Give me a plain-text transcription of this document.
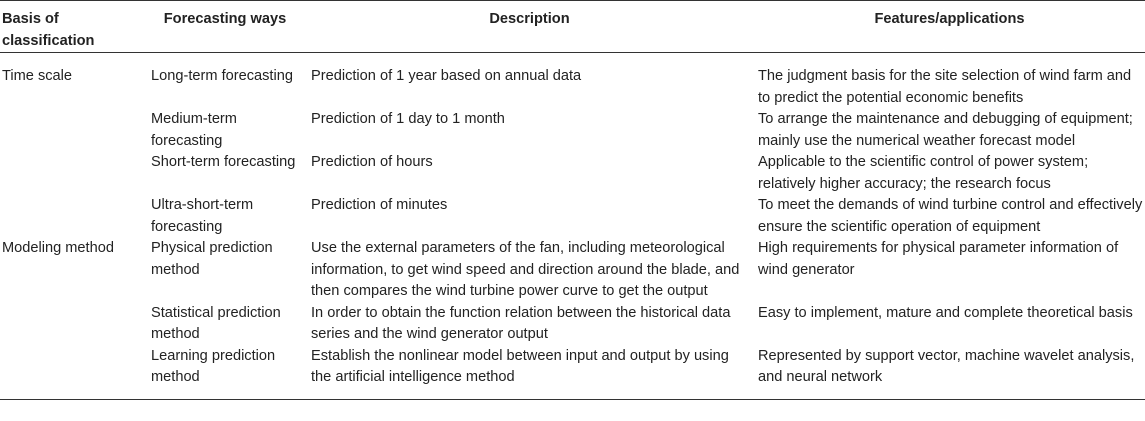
Basis of classification	Forecasting ways	Description	Features/applications
Time scale	Long-term forecasting	Prediction of 1 year based on annual data	The judgment basis for the site selection of wind farm and to predict the potential economic benefits
	Medium-term forecasting	Prediction of 1 day to 1 month	To arrange the maintenance and debugging of equipment; mainly use the numerical weather forecast model
	Short-term forecasting	Prediction of hours	Applicable to the scientific control of power system; relatively higher accuracy; the research focus
	Ultra-short-term forecasting	Prediction of minutes	To meet the demands of wind turbine control and effectively ensure the scientific operation of equipment
Modeling method	Physical prediction method	Use the external parameters of the fan, including meteorological information, to get wind speed and direction around the blade, and then compares the wind turbine power curve to get the output	High requirements for physical parameter information of wind generator
	Statistical prediction method	In order to obtain the function relation between the historical data series and the wind generator output	Easy to implement, mature and complete theoretical basis
	Learning prediction method	Establish the nonlinear model between input and output by using the artificial intelligence method	Represented by support vector, machine wavelet analysis, and neural network
